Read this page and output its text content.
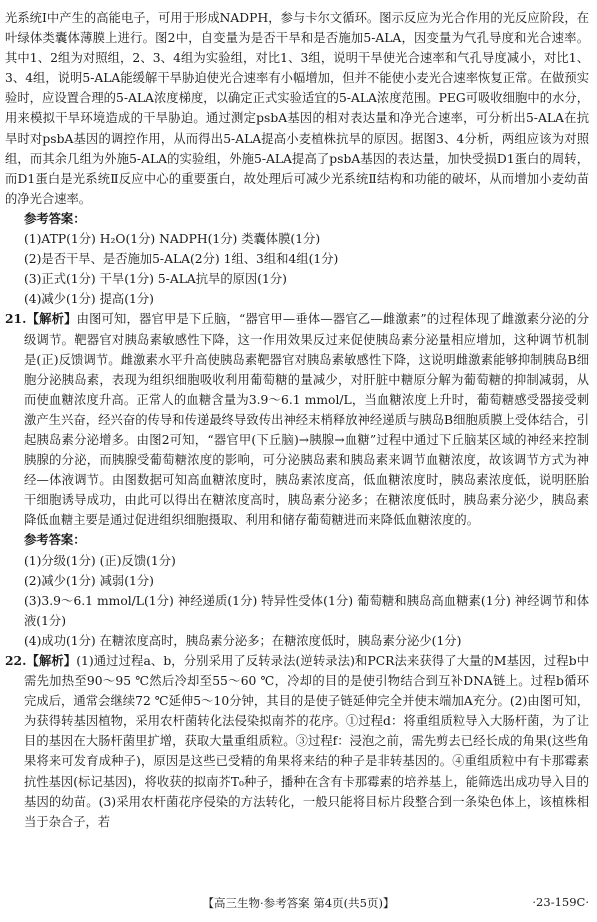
光系统Ⅰ中产生的高能电子，可用于形成NADPH，参与卡尔文循环。图示反应为光合作用的光反应阶段，在叶绿体类囊体薄膜上进行。图2中，自变量为是否干旱和是否施加5-ALA，因变量为气孔导度和光合速率。其中1、2组为对照组，2、3、4组为实验组，对比1、3组，说明干旱使光合速率和气孔导度减小，对比1、3、4组，说明5-ALA能缓解干旱胁迫使光合速率有小幅增加，但并不能使小麦光合速率恢复正常。在做预实验时，应设置合理的5-ALA浓度梯度，以确定正式实验适宜的5-ALA浓度范围。PEG可吸收细胞中的水分，用来模拟干旱环境造成的干旱胁迫。通过测定psbA基因的相对表达量和净光合速率，可分析出5-ALA在抗旱时对psbA基因的调控作用，从而得出5-ALA提高小麦植株抗旱的原因。据图3、4分析，两组应该为对照组，而其余几组为外施5-ALA的实验组，外施5-ALA提高了psbA基因的表达量，加快受损D1蛋白的周转，而D1蛋白是光系统Ⅱ反应中心的重要蛋白，故处理后可减少光系统Ⅱ结构和功能的破坏，从而增加小麦幼苗的净光合速率。

参考答案：

(1)ATP(1分) H₂O(1分) NADPH(1分) 类囊体膜(1分)

(2)是否干旱、是否施加5-ALA(2分) 1组、3组和4组(1分)

(3)正式(1分) 干旱(1分) 5-ALA抗旱的原因(1分)

(4)减少(1分) 提高(1分)

21.【解析】由图可知，器官甲是下丘脑，“器官甲—垂体—器官乙—雌激素”的过程体现了雌激素分泌的分级调节。靶器官对胰岛素敏感性下降，这一作用效果反过来促使胰岛素分泌量相应增加，这种调节机制是(正)反馈调节。雌激素水平升高使胰岛素靶器官对胰岛素敏感性下降，这说明雌激素能够抑制胰岛B细胞分泌胰岛素，表现为组织细胞吸收利用葡萄糖的量减少，对肝脏中糖原分解为葡萄糖的抑制减弱，从而使血糖浓度升高。正常人的血糖含量为3.9～6.1 mmol/L，当血糖浓度上升时，葡萄糖感受器接受刺激产生兴奋，经兴奋的传导和传递最终导致传出神经末梢释放神经递质与胰岛B细胞质膜上受体结合，引起胰岛素分泌增多。由图2可知，“器官甲(下丘脑)→胰腺→血糖”过程中通过下丘脑某区域的神经来控制胰腺的分泌，而胰腺受葡萄糖浓度的影响，可分泌胰岛素和胰岛素来调节血糖浓度，故该调节方式为神经—体液调节。由图数据可知高血糖浓度时，胰岛素浓度高，低血糖浓度时，胰岛素浓度低，说明胚胎干细胞诱导成功，由此可以得出在糖浓度高时，胰岛素分泌多；在糖浓度低时，胰岛素分泌少，胰岛素降低血糖主要是通过促进组织细胞摄取、利用和储存葡萄糖进而来降低血糖浓度的。

参考答案：

(1)分级(1分) (正)反馈(1分)

(2)减少(1分) 减弱(1分)

(3)3.9～6.1 mmol/L(1分) 神经递质(1分) 特异性受体(1分) 葡萄糖和胰岛高血糖素(1分) 神经调节和体液(1分)

(4)成功(1分) 在糖浓度高时，胰岛素分泌多；在糖浓度低时，胰岛素分泌少(1分)

22.【解析】(1)通过过程a、b，分别采用了反转录法(逆转录法)和PCR法来获得了大量的M基因，过程b中需先加热至90～95 ℃然后冷却至55～60 ℃，冷却的目的是使引物结合到互补DNA链上。过程b循环完成后，通常会继续72 ℃延伸5～10分钟，其目的是使子链延伸完全并使末端加A充分。(2)由图可知，为获得转基因植物，采用农杆菌转化法侵染拟南芥的花序。①过程d：将重组质粒导入大肠杆菌，为了让目的基因在大肠杆菌里扩增，获取大量重组质粒。③过程f：浸泡之前，需先剪去已经长成的角果(这些角果将来可发育成种子)，原因是这些已受精的角果将来结的种子是非转基因的。④重组质粒中有卡那霉素抗性基因(标记基因)，将收获的拟南芥T₀种子，播种在含有卡那霉素的培养基上，能筛选出成功导入目的基因的幼苗。(3)采用农杆菌花序侵染的方法转化，一般只能将目标片段整合到一条染色体上，该植株相当于杂合子，若

【高三生物·参考答案 第4页(共5页)】	·23-159C·
